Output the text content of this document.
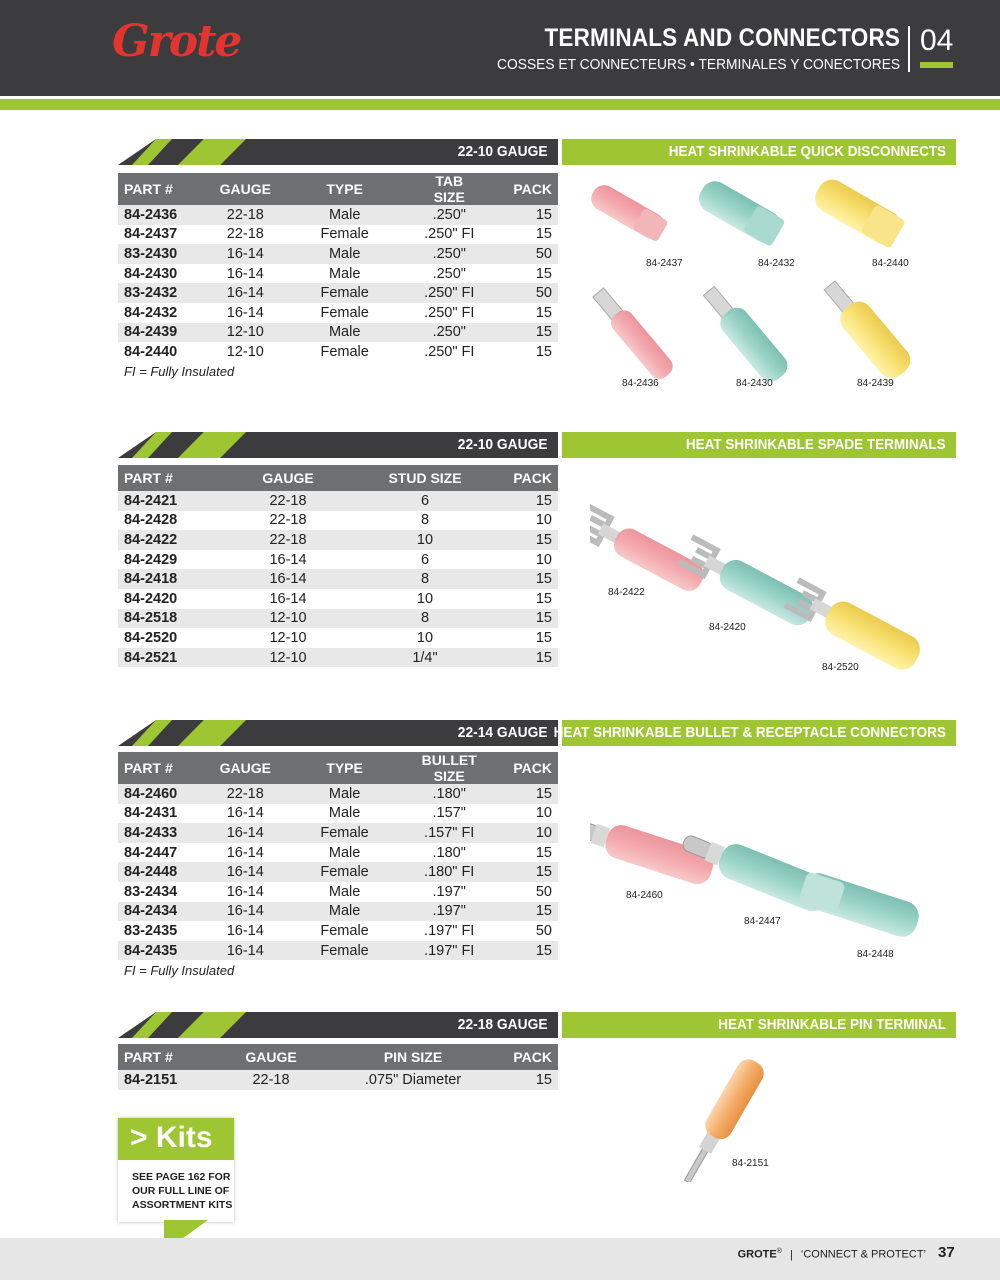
Grote	TERMINALS AND CONNECTORS
COSSES ET CONNECTEURS • TERMINALES Y CONECTORES
04
22-10 GAUGE	HEAT SHRINKABLE QUICK DISCONNECTS
PART #	GAUGE	TYPE	TAB SIZE	PACK
84-2436	22-18	Male	.250"	15
84-2437	22-18	Female	.250" FI	15
83-2430	16-14	Male	.250"	50
84-2430	16-14	Male	.250"	15
83-2432	16-14	Female	.250" FI	50
84-2432	16-14	Female	.250" FI	15
84-2439	12-10	Male	.250"	15
84-2440	12-10	Female	.250" FI	15
FI = Fully Insulated
84-2437	84-2432	84-2440
84-2436	84-2430	84-2439
22-10 GAUGE	HEAT SHRINKABLE SPADE TERMINALS
PART #	GAUGE	STUD SIZE	PACK
84-2421	22-18	6	15
84-2428	22-18	8	10
84-2422	22-18	10	15
84-2429	16-14	6	10
84-2418	16-14	8	15
84-2420	16-14	10	15
84-2518	12-10	8	15
84-2520	12-10	10	15
84-2521	12-10	1/4"	15
84-2422
84-2420
84-2520
22-14 GAUGE HEAT SHRINKABLE BULLET & RECEPTACLE CONNECTORS
PART #	GAUGE	TYPE	BULLET SIZE	PACK
84-2460	22-18	Male	.180"	15
84-2431	16-14	Male	.157"	10
84-2433	16-14	Female	.157" FI	10
84-2447	16-14	Male	.180"	15
84-2448	16-14	Female	.180" FI	15
83-2434	16-14	Male	.197"	50
84-2434	16-14	Male	.197"	15
83-2435	16-14	Female	.197" FI	50
84-2435	16-14	Female	.197" FI	15
FI = Fully Insulated
84-2460
84-2447
84-2448
22-18 GAUGE	HEAT SHRINKABLE PIN TERMINAL
PART #	GAUGE	PIN SIZE	PACK
84-2151	22-18	.075" Diameter	15
84-2151
> Kits
SEE PAGE 162 FOR
OUR FULL LINE OF
ASSORTMENT KITS
GROTE® | ‘CONNECT & PROTECT’ 37
